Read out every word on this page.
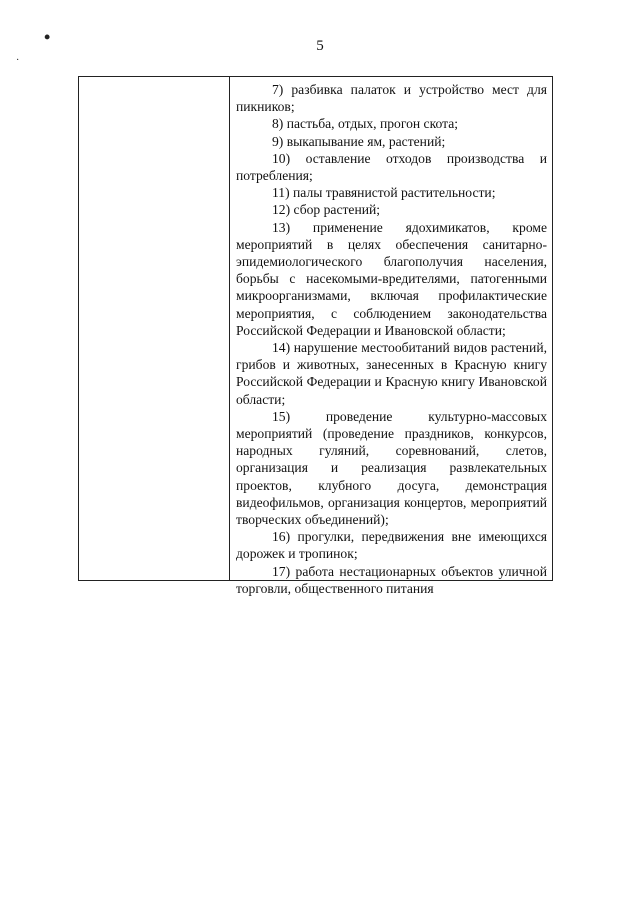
•
·
5

7) разбивка палаток и устройство мест для пикников;

8) пастьба, отдых, прогон скота;

9) выкапывание ям, растений;

10) оставление отходов производства и потребления;

11) палы травянистой растительности;

12) сбор растений;

13) применение ядохимикатов, кроме мероприятий в целях обеспечения санитарно-эпидемиологического благополучия населения, борьбы с насекомыми-вредителями, патогенными микроорганизмами, включая профилактические мероприятия, с соблюдением законодательства Российской Федерации и Ивановской области;

14) нарушение местообитаний видов растений, грибов и животных, занесенных в Красную книгу Российской Федерации и Красную книгу Ивановской области;

15) проведение культурно-массовых мероприятий (проведение праздников, конкурсов, народных гуляний, соревнований, слетов, организация и реализация развлекательных проектов, клубного досуга, демонстрация видеофильмов, организация концертов, мероприятий творческих объединений);

16) прогулки, передвижения вне имеющихся дорожек и тропинок;

17) работа нестационарных объектов уличной торговли, общественного питания
